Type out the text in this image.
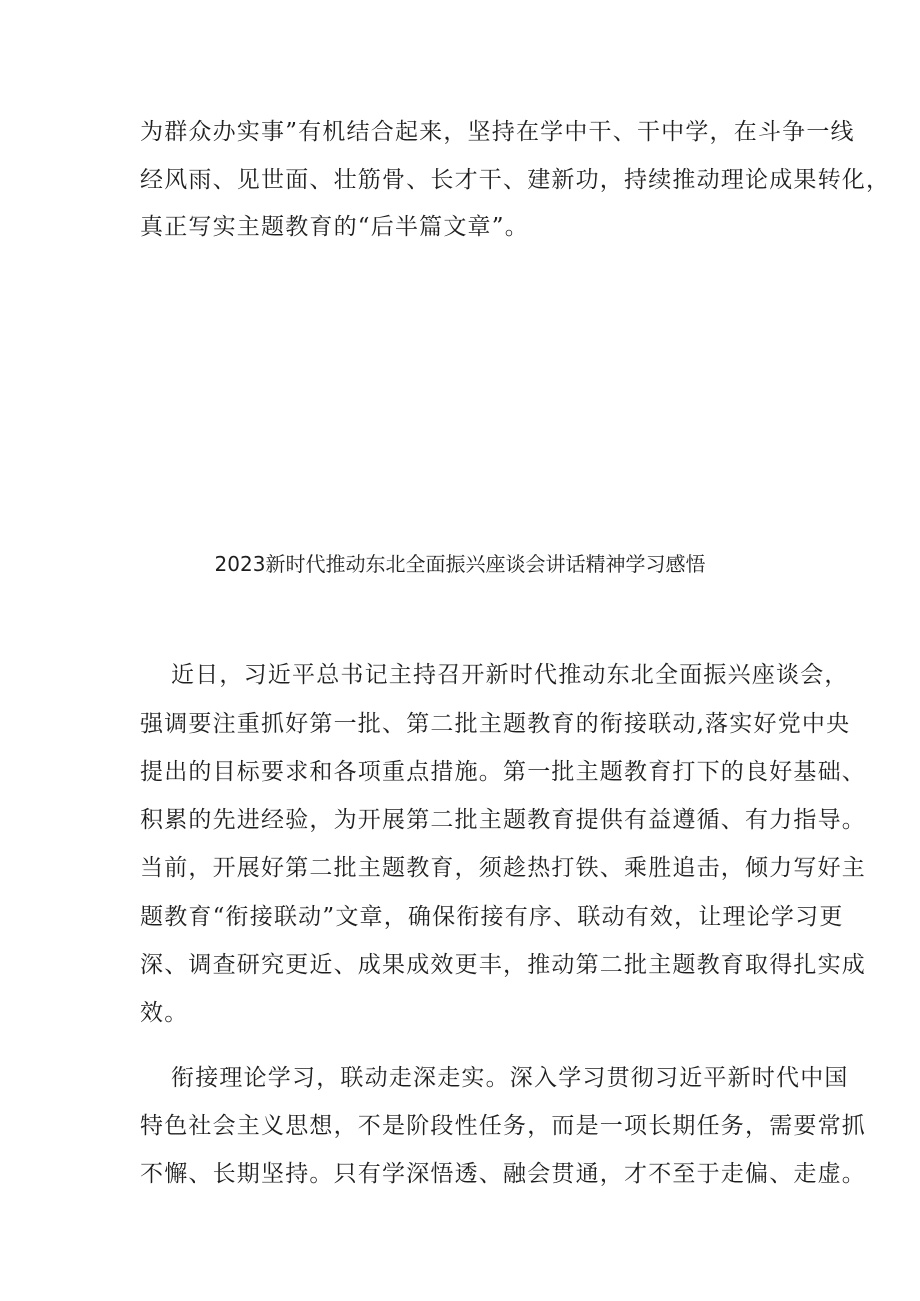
为群众办实事”有机结合起来，坚持在学中干、干中学，在斗争一线
经风雨、见世面、壮筋骨、长才干、建新功，持续推动理论成果转化，
真正写实主题教育的“后半篇文章”。
2023新时代推动东北全面振兴座谈会讲话精神学习感悟
近日，习近平总书记主持召开新时代推动东北全面振兴座谈会，
强调要注重抓好第一批、第二批主题教育的衔接联动,落实好党中央
提出的目标要求和各项重点措施。第一批主题教育打下的良好基础、
积累的先进经验，为开展第二批主题教育提供有益遵循、有力指导。
当前，开展好第二批主题教育，须趁热打铁、乘胜追击，倾力写好主
题教育“衔接联动”文章，确保衔接有序、联动有效，让理论学习更
深、调查研究更近、成果成效更丰，推动第二批主题教育取得扎实成
效。
衔接理论学习，联动走深走实。深入学习贯彻习近平新时代中国
特色社会主义思想，不是阶段性任务，而是一项长期任务，需要常抓
不懈、长期坚持。只有学深悟透、融会贯通，才不至于走偏、走虚。
